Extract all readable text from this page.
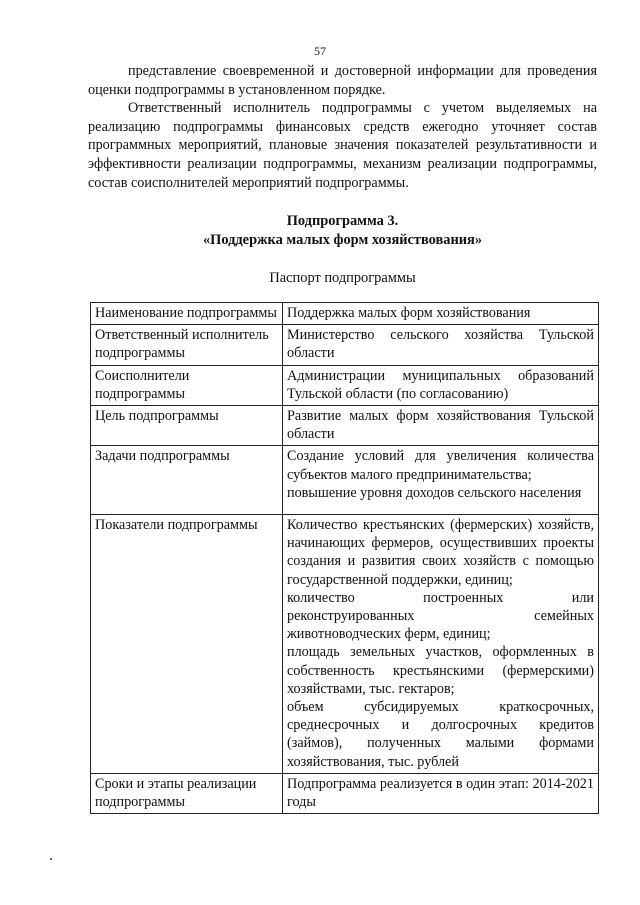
57

представление своевременной и достоверной информации для проведения оценки подпрограммы в установленном порядке.

Ответственный исполнитель подпрограммы с учетом выделяемых на реализацию подпрограммы финансовых средств ежегодно уточняет состав программных мероприятий, плановые значения показателей результативности и эффективности реализации подпрограммы, механизм реализации подпрограммы, состав соисполнителей мероприятий подпрограммы.

Подпрограмма 3.
«Поддержка малых форм хозяйствования»
Паспорт подпрограммы
Наименование подпрограммы	Поддержка малых форм хозяйствования

Ответственный исполнитель подпрограммы	Министерство сельского хозяйства Тульской области

Соисполнители подпрограммы	Администрации муниципальных образований Тульской области (по согласованию)

Цель подпрограммы	Развитие малых форм хозяйствования Тульской области

Задачи подпрограммы	Создание условий для увеличения количества субъектов малого предпринимательства;
повышение уровня доходов сельского населения

Показатели подпрограммы	Количество крестьянских (фермерских) хозяйств, начинающих фермеров, осуществивших проекты создания и развития своих хозяйств с помощью государственной поддержки, единиц;
количество построенных или реконструированных семейных животноводческих ферм, единиц;
площадь земельных участков, оформленных в собственность крестьянскими (фермерскими) хозяйствами, тыс. гектаров;
объем субсидируемых краткосрочных, среднесрочных и долгосрочных кредитов (займов), полученных малыми формами хозяйствования, тыс. рублей

Сроки и этапы реализации подпрограммы	Подпрограмма реализуется в один этап: 2014-2021 годы
